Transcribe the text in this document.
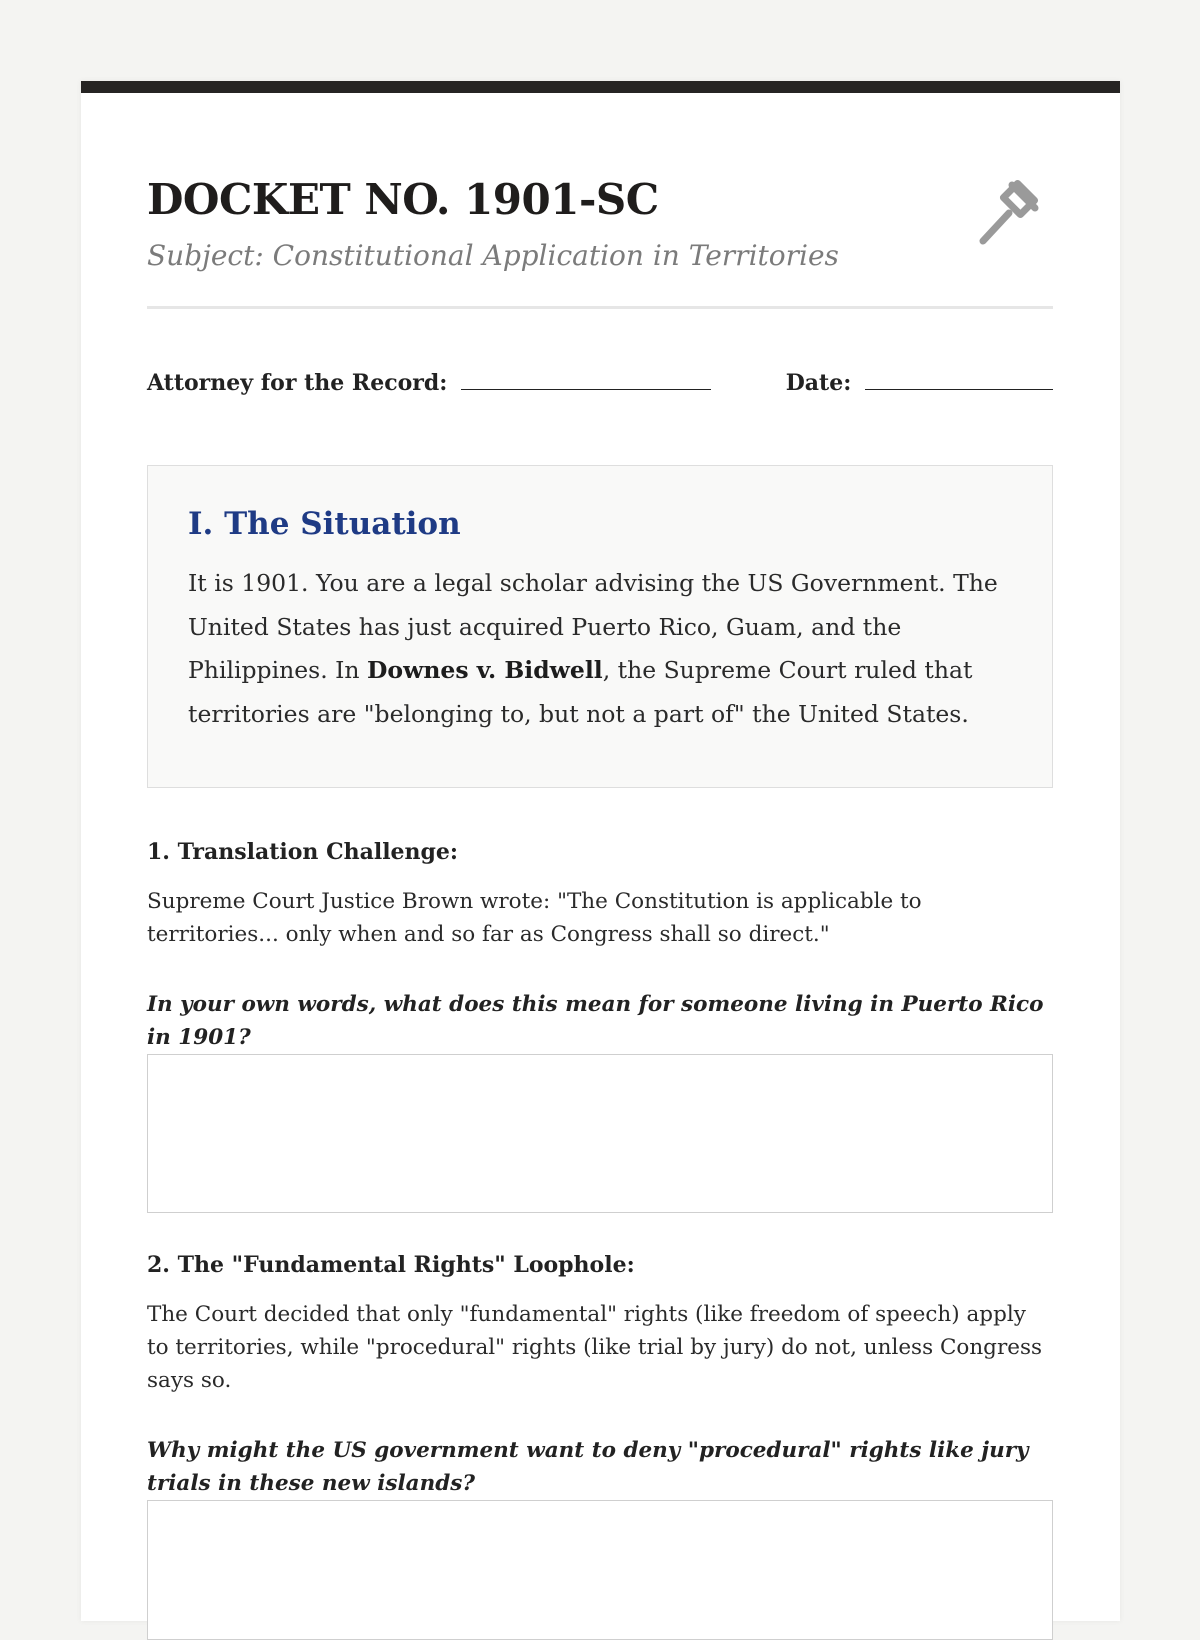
DOCKET NO. 1901-SC

Subject: Constitutional Application in Territories

Attorney for the Record:	Date:
I. The Situation

It is 1901. You are a legal scholar advising the US Government. The United States has just acquired Puerto Rico, Guam, and the Philippines. In Downes v. Bidwell, the Supreme Court ruled that territories are "belonging to, but not a part of" the United States.

1. Translation Challenge:

Supreme Court Justice Brown wrote: "The Constitution is applicable to territories... only when and so far as Congress shall so direct."

In your own words, what does this mean for someone living in Puerto Rico in 1901?

2. The "Fundamental Rights" Loophole:

The Court decided that only "fundamental" rights (like freedom of speech) apply to territories, while "procedural" rights (like trial by jury) do not, unless Congress says so.

Why might the US government want to deny "procedural" rights like jury trials in these new islands?
